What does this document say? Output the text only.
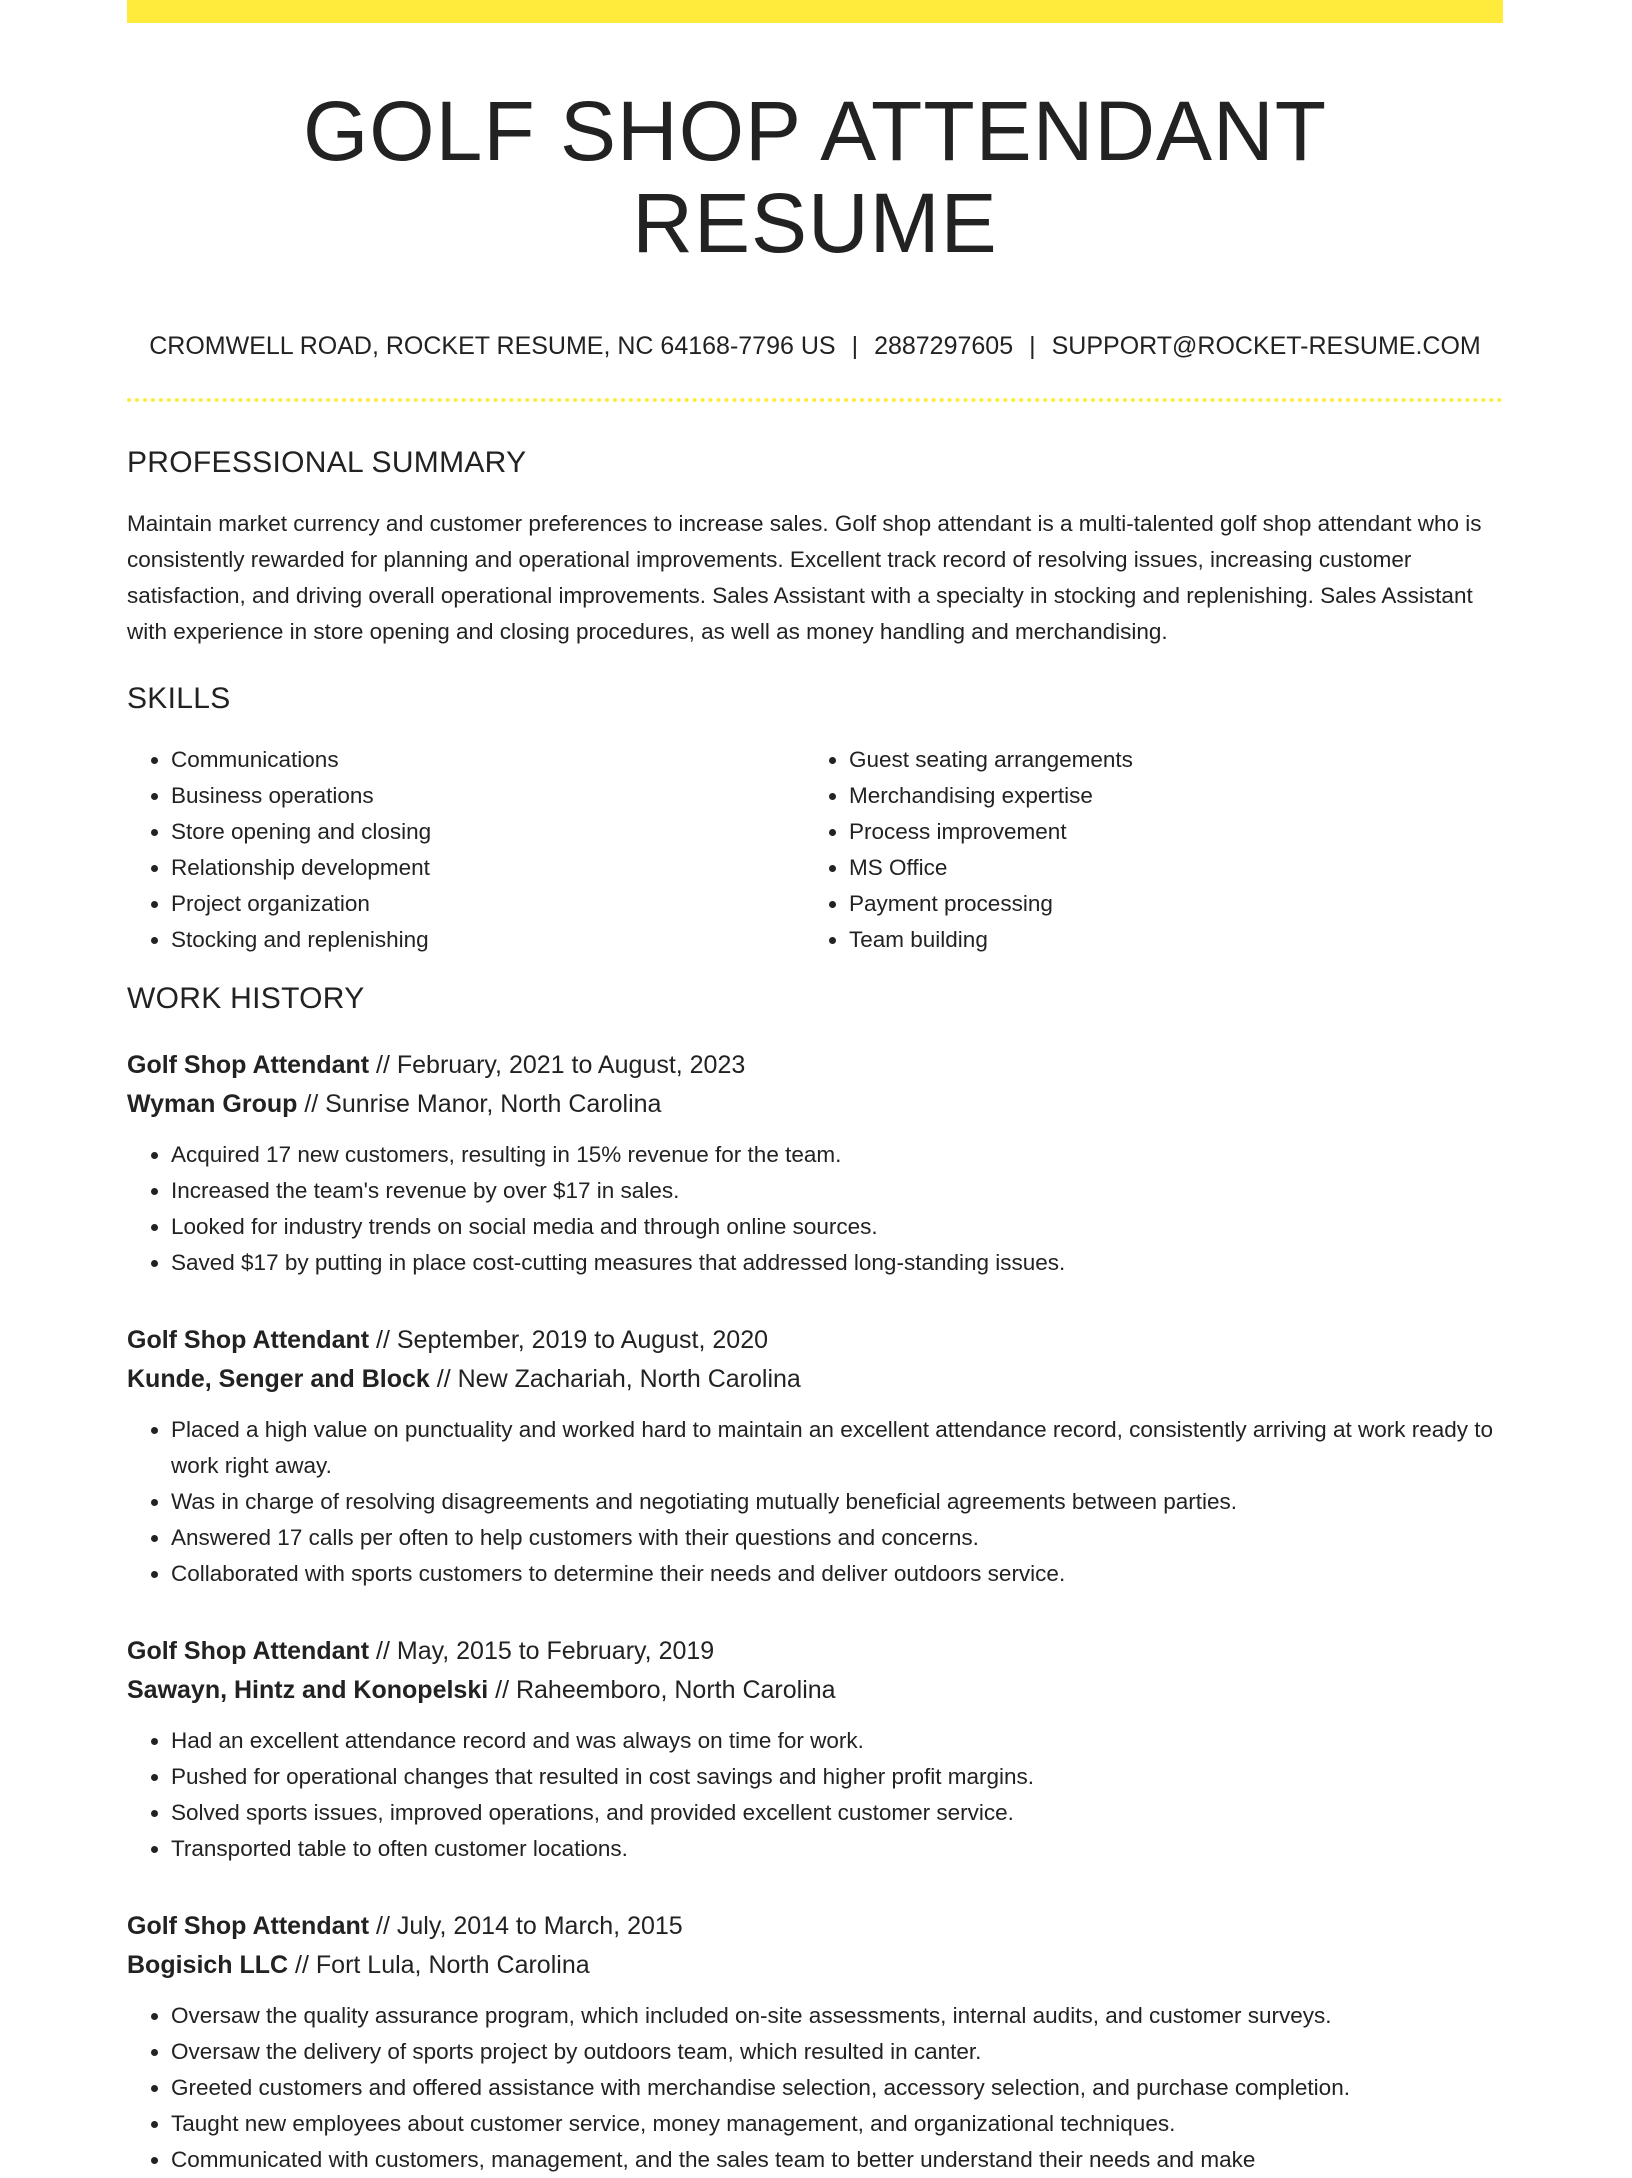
GOLF SHOP ATTENDANT RESUME
CROMWELL ROAD, ROCKET RESUME, NC 64168-7796 US | 2887297605 | SUPPORT@ROCKET-RESUME.COM
PROFESSIONAL SUMMARY

Maintain market currency and customer preferences to increase sales. Golf shop attendant is a multi-talented golf shop attendant who is consistently rewarded for planning and operational improvements. Excellent track record of resolving issues, increasing customer satisfaction, and driving overall operational improvements. Sales Assistant with a specialty in stocking and replenishing. Sales Assistant with experience in store opening and closing procedures, as well as money handling and merchandising.

SKILLS
• Communications
• Business operations
• Store opening and closing
• Relationship development
• Project organization
• Stocking and replenishing
• Guest seating arrangements
• Merchandising expertise
• Process improvement
• MS Office
• Payment processing
• Team building
WORK HISTORY
Golf Shop Attendant // February, 2021 to August, 2023
Wyman Group // Sunrise Manor, North Carolina
• Acquired 17 new customers, resulting in 15% revenue for the team.
• Increased the team's revenue by over $17 in sales.
• Looked for industry trends on social media and through online sources.
• Saved $17 by putting in place cost-cutting measures that addressed long-standing issues.
Golf Shop Attendant // September, 2019 to August, 2020
Kunde, Senger and Block // New Zachariah, North Carolina
• Placed a high value on punctuality and worked hard to maintain an excellent attendance record, consistently arriving at work ready to work right away.
• Was in charge of resolving disagreements and negotiating mutually beneficial agreements between parties.
• Answered 17 calls per often to help customers with their questions and concerns.
• Collaborated with sports customers to determine their needs and deliver outdoors service.
Golf Shop Attendant // May, 2015 to February, 2019
Sawayn, Hintz and Konopelski // Raheemboro, North Carolina
• Had an excellent attendance record and was always on time for work.
• Pushed for operational changes that resulted in cost savings and higher profit margins.
• Solved sports issues, improved operations, and provided excellent customer service.
• Transported table to often customer locations.
Golf Shop Attendant // July, 2014 to March, 2015
Bogisich LLC // Fort Lula, North Carolina
• Oversaw the quality assurance program, which included on-site assessments, internal audits, and customer surveys.
• Oversaw the delivery of sports project by outdoors team, which resulted in canter.
• Greeted customers and offered assistance with merchandise selection, accessory selection, and purchase completion.
• Taught new employees about customer service, money management, and organizational techniques.
• Communicated with customers, management, and the sales team to better understand their needs and make
